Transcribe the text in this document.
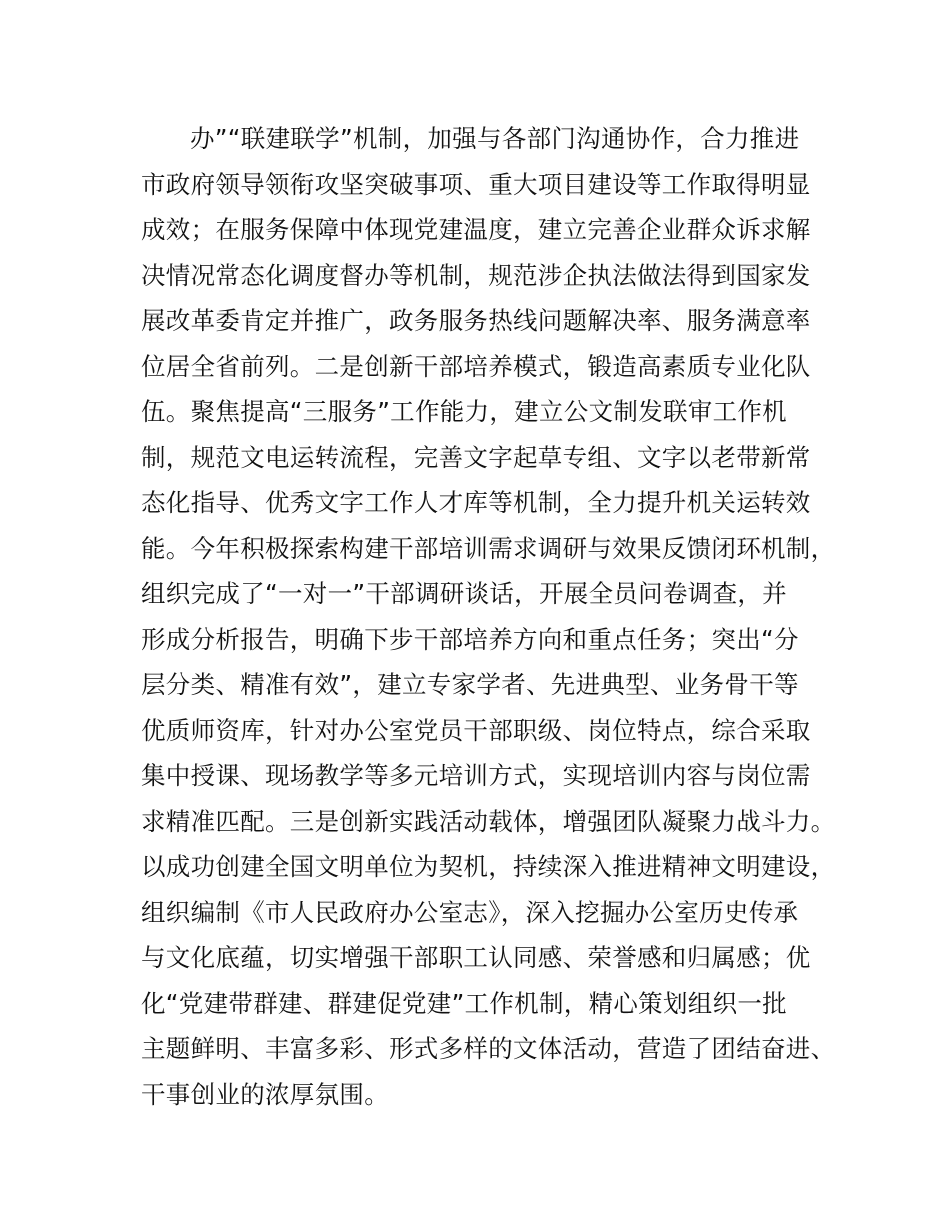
办”“联建联学”机制，加强与各部门沟通协作，合力推进
市政府领导领衔攻坚突破事项、重大项目建设等工作取得明显
成效；在服务保障中体现党建温度，建立完善企业群众诉求解
决情况常态化调度督办等机制，规范涉企执法做法得到国家发
展改革委肯定并推广，政务服务热线问题解决率、服务满意率
位居全省前列。二是创新干部培养模式，锻造高素质专业化队
伍。聚焦提高“三服务”工作能力，建立公文制发联审工作机
制，规范文电运转流程，完善文字起草专组、文字以老带新常
态化指导、优秀文字工作人才库等机制，全力提升机关运转效
能。今年积极探索构建干部培训需求调研与效果反馈闭环机制，
组织完成了“一对一”干部调研谈话，开展全员问卷调查，并
形成分析报告，明确下步干部培养方向和重点任务；突出“分
层分类、精准有效”，建立专家学者、先进典型、业务骨干等
优质师资库，针对办公室党员干部职级、岗位特点，综合采取
集中授课、现场教学等多元培训方式，实现培训内容与岗位需
求精准匹配。三是创新实践活动载体，增强团队凝聚力战斗力。
以成功创建全国文明单位为契机，持续深入推进精神文明建设，
组织编制《市人民政府办公室志》，深入挖掘办公室历史传承
与文化底蕴，切实增强干部职工认同感、荣誉感和归属感；优
化“党建带群建、群建促党建”工作机制，精心策划组织一批
主题鲜明、丰富多彩、形式多样的文体活动，营造了团结奋进、
干事创业的浓厚氛围。
